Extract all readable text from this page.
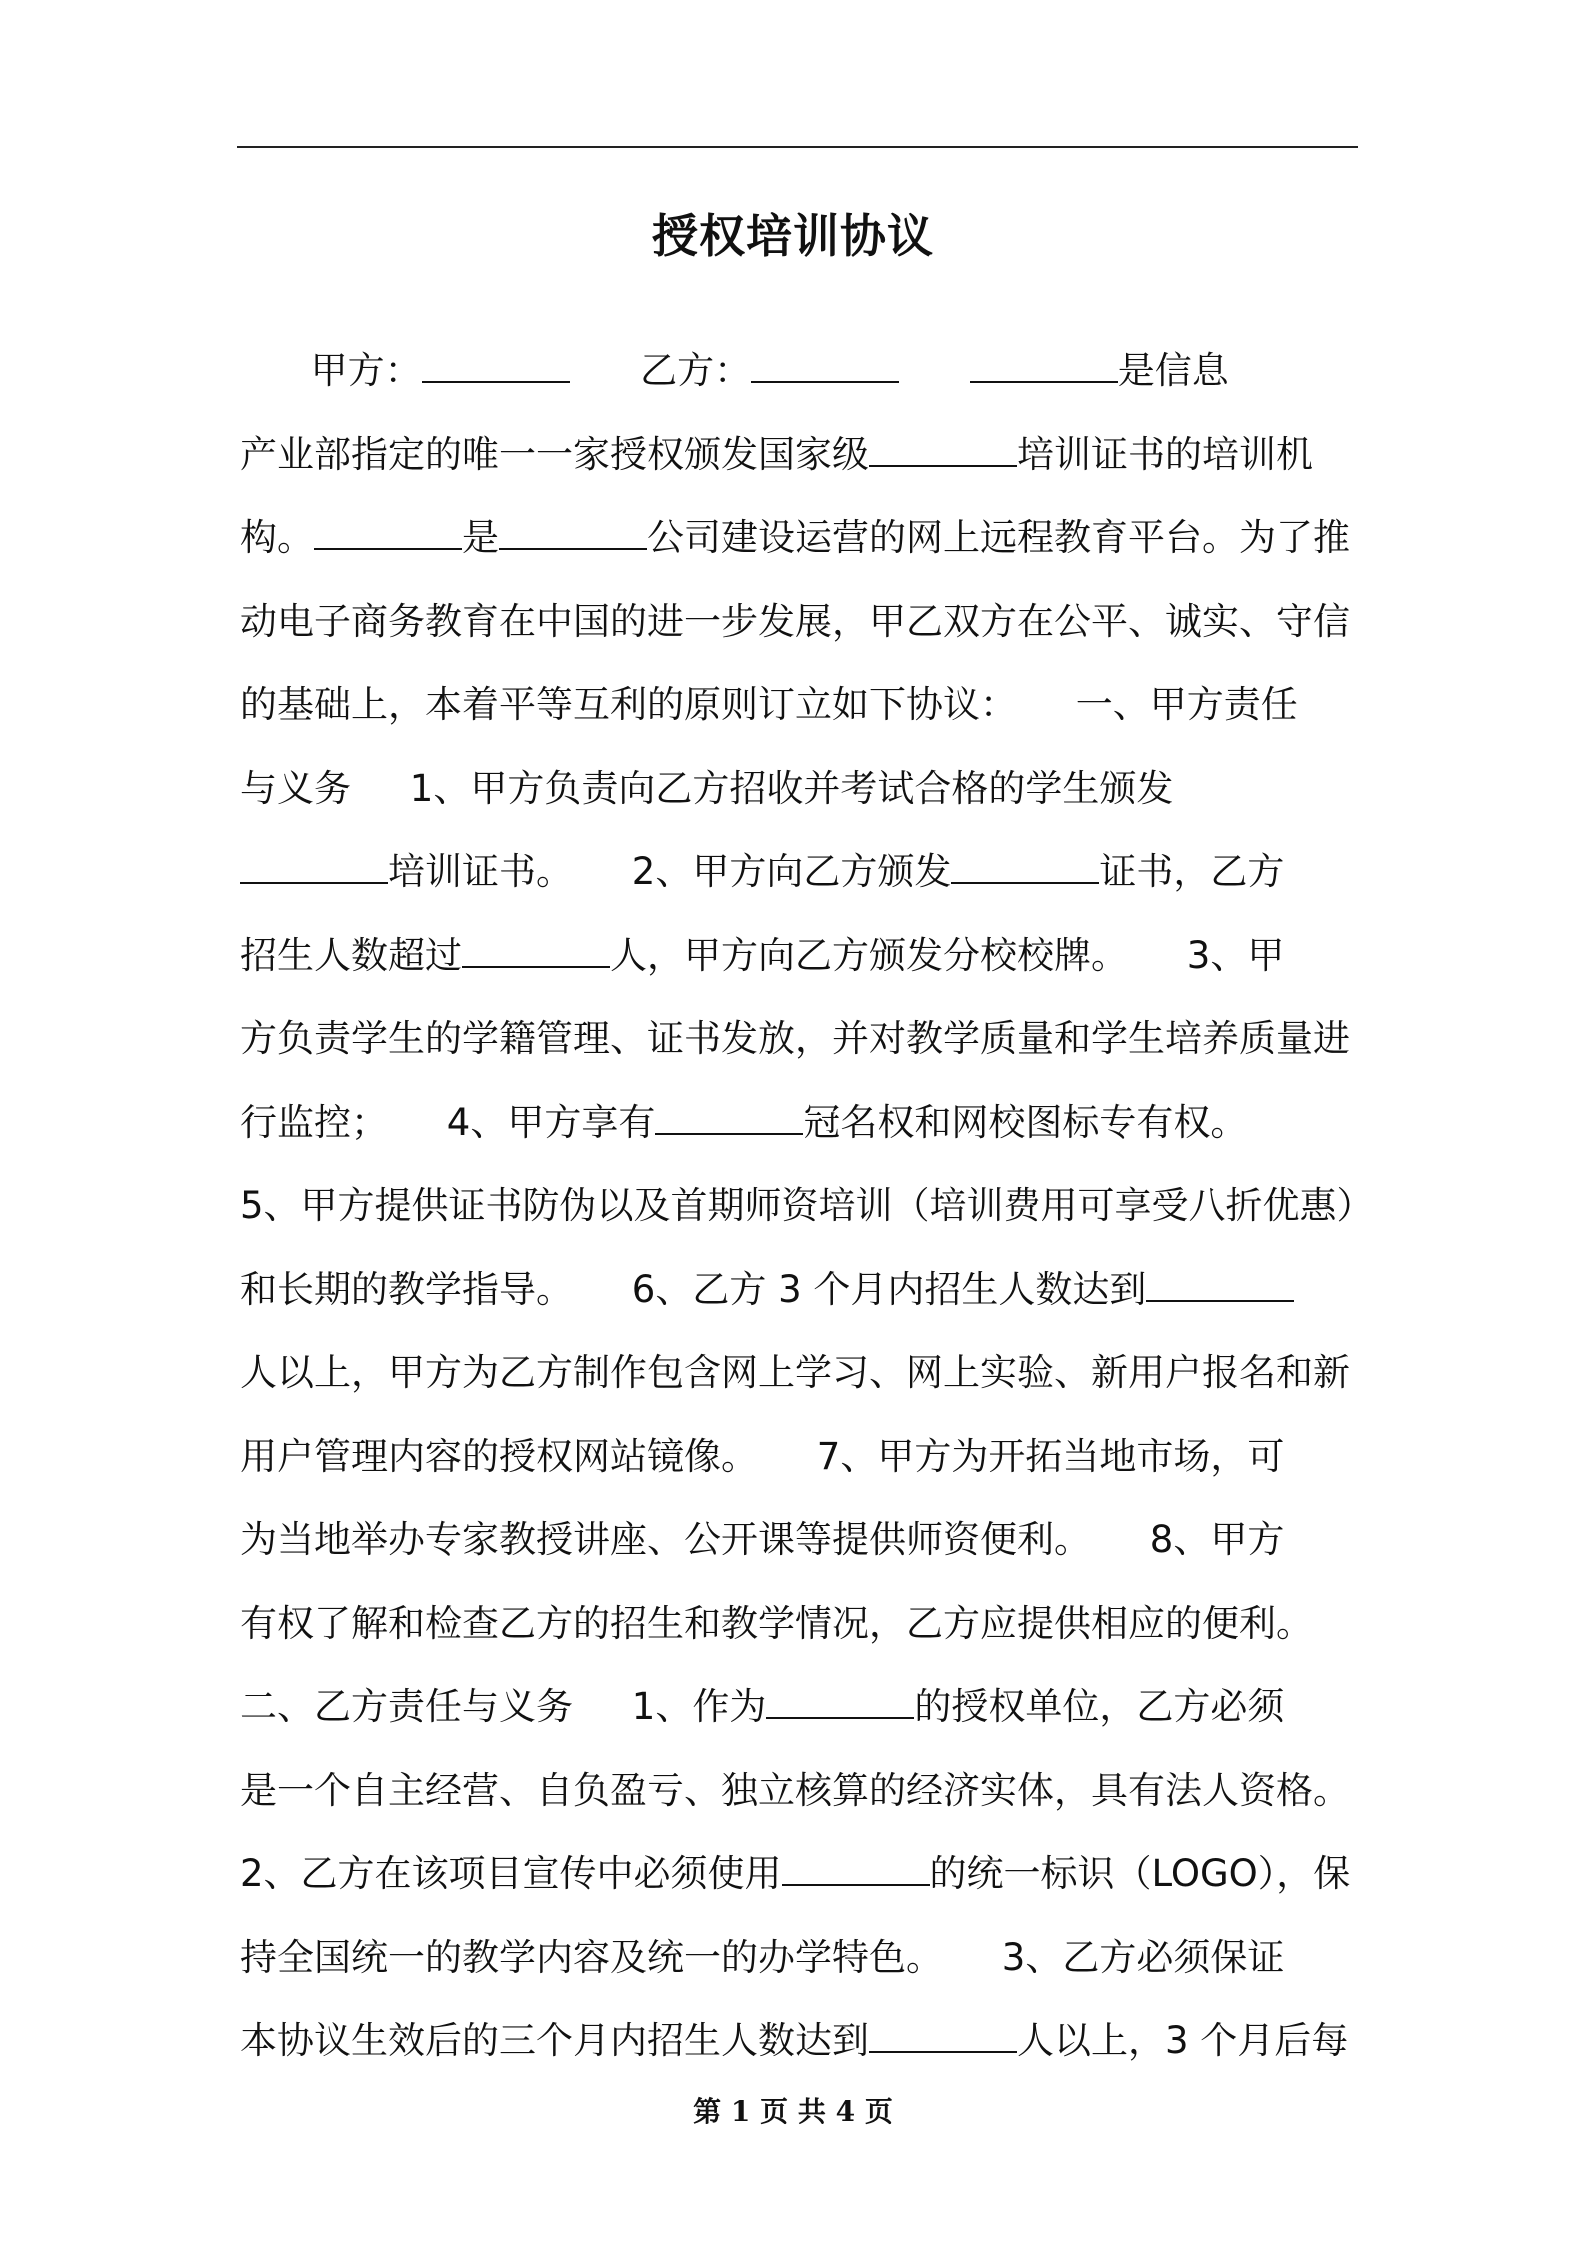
授权培训协议
甲方：	乙方：	是信息
产业部指定的唯一一家授权颁发国家级	培训证书的培训机
构。	是	公司建设运营的网上远程教育平台。为了推
动电子商务教育在中国的进一步发展，甲乙双方在公平、诚实、守信
的基础上，本着平等互利的原则订立如下协议：     一、甲方责任
与义务     1、甲方负责向乙方招收并考试合格的学生颁发
培训证书。     2、甲方向乙方颁发	证书，乙方
招生人数超过	人，甲方向乙方颁发分校校牌。     3、甲
方负责学生的学籍管理、证书发放，并对教学质量和学生培养质量进
行监控；     4、甲方享有	冠名权和网校图标专有权。
5、甲方提供证书防伪以及首期师资培训（培训费用可享受八折优惠）
和长期的教学指导。     6、乙方 3 个月内招生人数达到
人以上，甲方为乙方制作包含网上学习、网上实验、新用户报名和新
用户管理内容的授权网站镜像。     7、甲方为开拓当地市场，可
为当地举办专家教授讲座、公开课等提供师资便利。     8、甲方
有权了解和检查乙方的招生和教学情况，乙方应提供相应的便利。
二、乙方责任与义务     1、作为	的授权单位，乙方必须
是一个自主经营、自负盈亏、独立核算的经济实体，具有法人资格。
2、乙方在该项目宣传中必须使用	的统一标识（LOGO），保
持全国统一的教学内容及统一的办学特色。     3、乙方必须保证
本协议生效后的三个月内招生人数达到	人以上，3 个月后每
第 1 页 共 4 页
